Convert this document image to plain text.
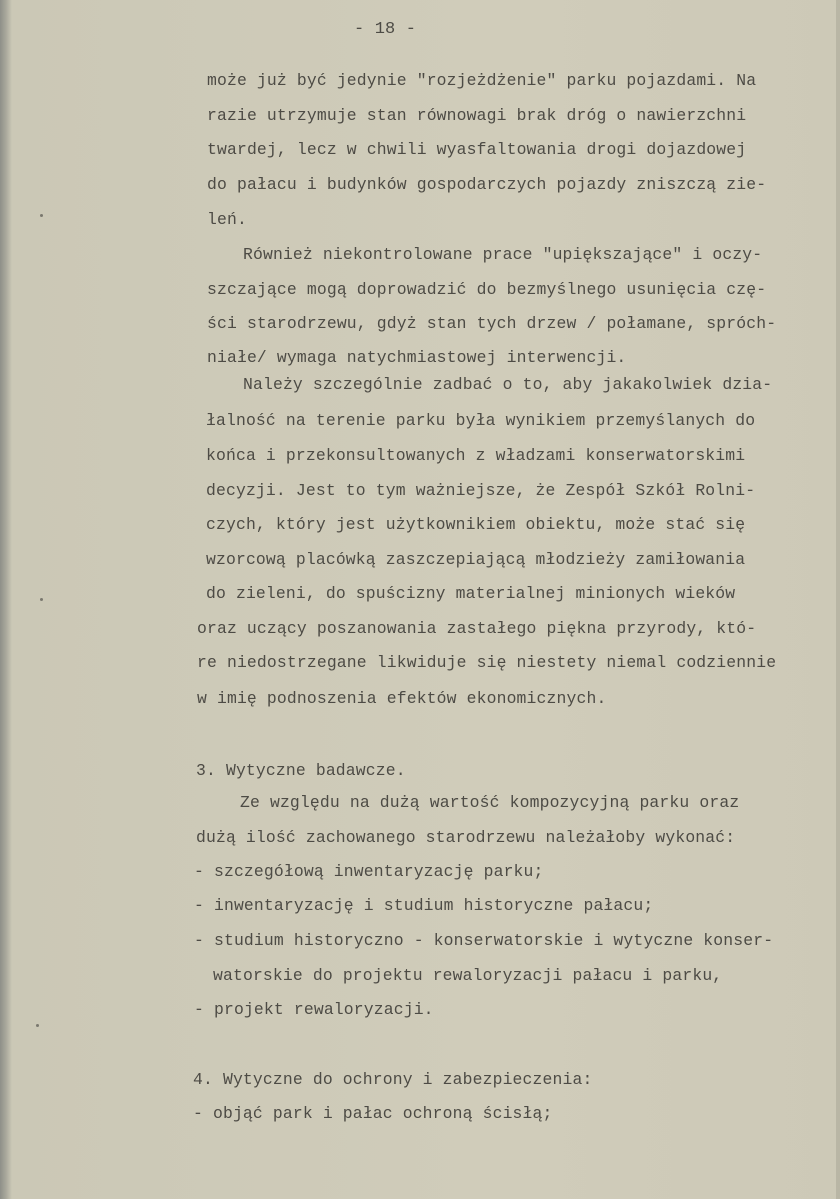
- 18 -
może już być jedynie "rozjeżdżenie" parku pojazdami. Na
razie utrzymuje stan równowagi brak dróg o nawierzchni
twardej, lecz w chwili wyasfaltowania drogi dojazdowej
do pałacu i budynków gospodarczych pojazdy zniszczą zie-
leń.
Również niekontrolowane prace "upiększające" i oczy-
szczające mogą doprowadzić do bezmyślnego usunięcia czę-
ści starodrzewu, gdyż stan tych drzew / połamane, spróch-
niałe/ wymaga natychmiastowej interwencji.
Należy szczególnie zadbać o to, aby jakakolwiek dzia-
łalność na terenie parku była wynikiem przemyślanych do
końca i przekonsultowanych z władzami konserwatorskimi
decyzji. Jest to tym ważniejsze, że Zespół Szkół Rolni-
czych, który jest użytkownikiem obiektu, może stać się
wzorcową placówką zaszczepiającą młodzieży zamiłowania
do zieleni, do spuścizny materialnej minionych wieków
oraz uczący poszanowania zastałego piękna przyrody, któ-
re niedostrzegane likwiduje się niestety niemal codziennie
w imię podnoszenia efektów ekonomicznych.
3. Wytyczne badawcze.
Ze względu na dużą wartość kompozycyjną parku oraz
dużą ilość zachowanego starodrzewu należałoby wykonać:
- szczegółową inwentaryzację parku;
- inwentaryzację i studium historyczne pałacu;
- studium historyczno - konserwatorskie i wytyczne konser-
watorskie do projektu rewaloryzacji pałacu i parku,
- projekt rewaloryzacji.
4. Wytyczne do ochrony i zabezpieczenia:
- objąć park i pałac ochroną ścisłą;
